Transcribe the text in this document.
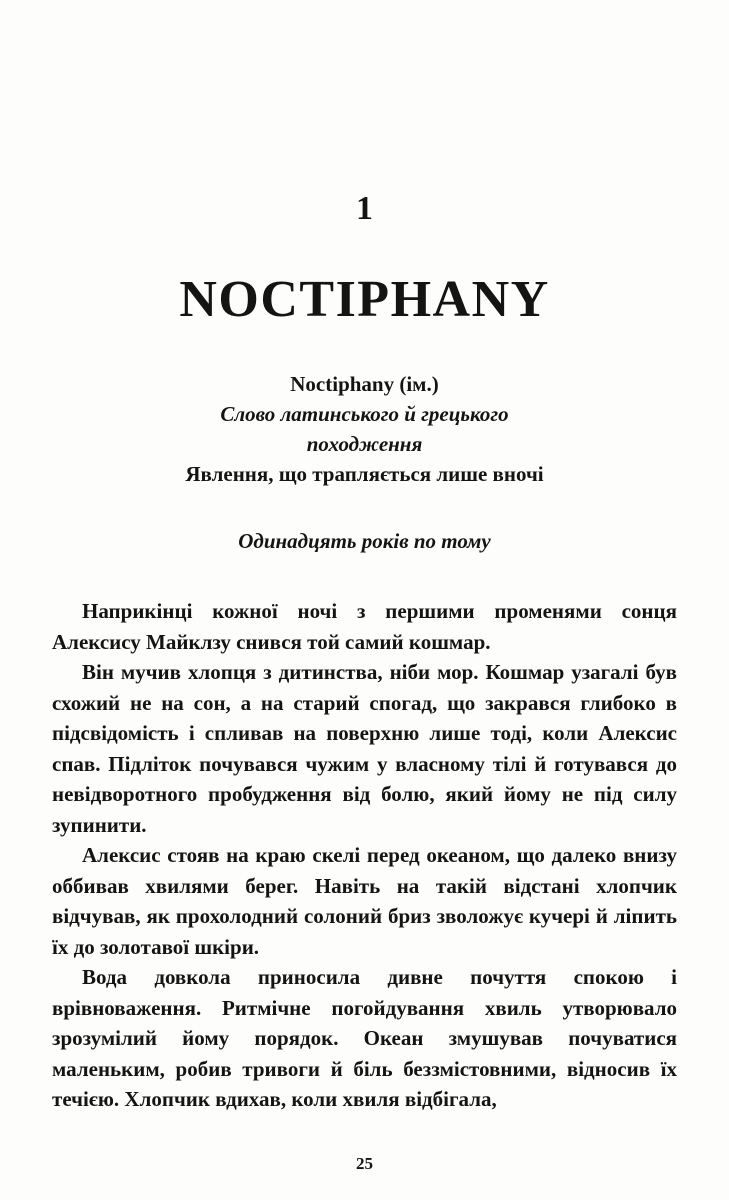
1
NOCTIPHANY
Noctiphany (ім.)
Слово латинського й грецького
походження
Явлення, що трапляється лише вночі
Одинадцять років по тому

Наприкінці кожної ночі з першими променями сонця Алексису Майклзу снився той самий кошмар.

Він мучив хлопця з дитинства, ніби мор. Кошмар узагалі був схожий не на сон, а на старий спогад, що закрався глибоко в підсвідомість і спливав на поверхню лише тоді, коли Алексис спав. Підліток почувався чужим у власному тілі й готувався до невідворотного пробудження від болю, який йому не під силу зупинити.

Алексис стояв на краю скелі перед океаном, що далеко внизу оббивав хвилями берег. Навіть на такій відстані хлопчик відчував, як прохолодний солоний бриз зволожує кучері й ліпить їх до золотавої шкіри.

Вода довкола приносила дивне почуття спокою і врівноваження. Ритмічне погойдування хвиль утворювало зрозумілий йому порядок. Океан змушував почуватися маленьким, робив тривоги й біль беззмістовними, відносив їх течією. Хлопчик вдихав, коли хвиля відбігала,

25
